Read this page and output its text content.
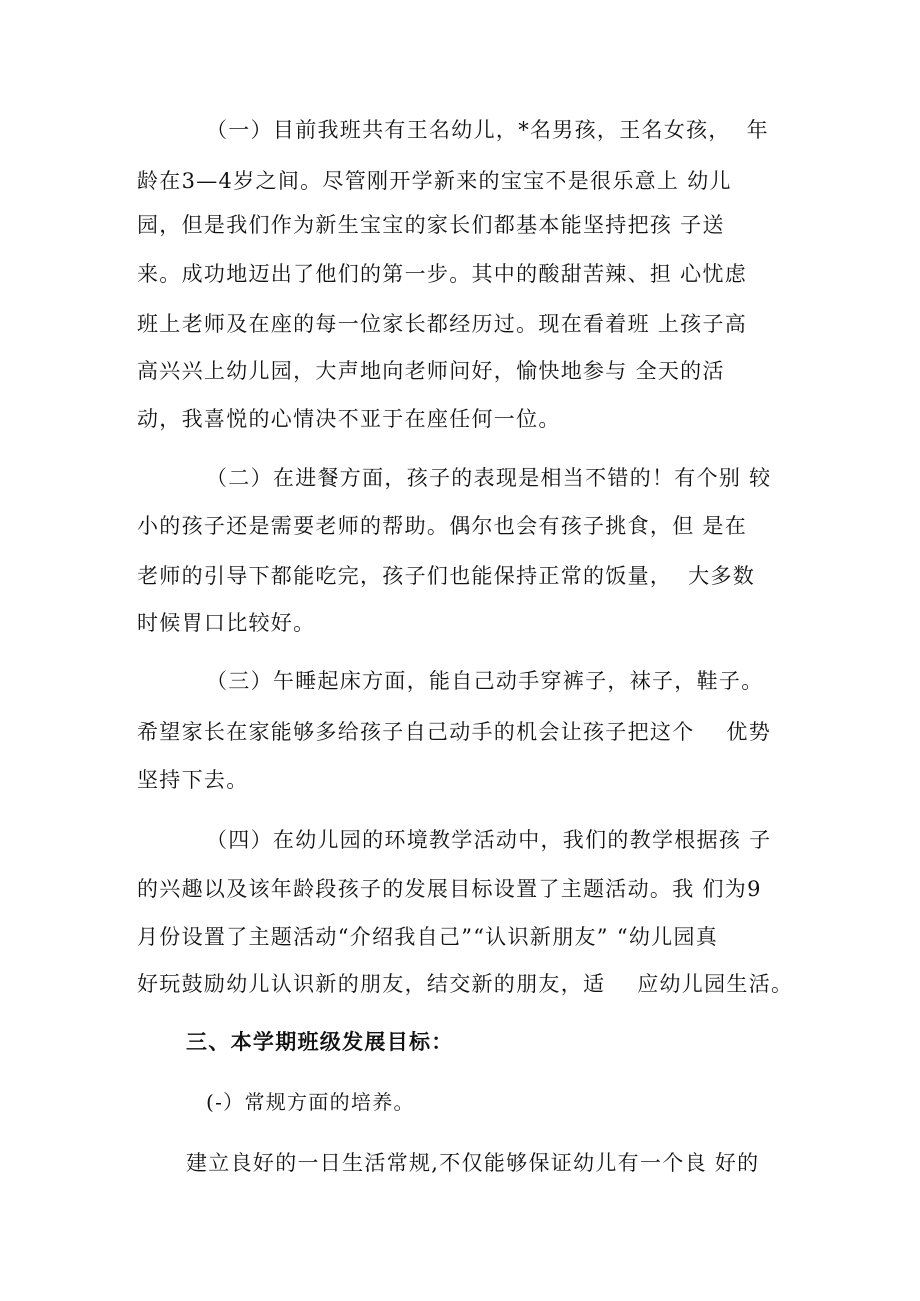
（一）目前我班共有王名幼儿，*名男孩，王名女孩，  年
龄在3—4岁之间。尽管刚开学新来的宝宝不是很乐意上 幼儿
园，但是我们作为新生宝宝的家长们都基本能坚持把孩 子送
来。成功地迈出了他们的第一步。其中的酸甜苦辣、担 心忧虑
班上老师及在座的每一位家长都经历过。现在看着班 上孩子高
高兴兴上幼儿园，大声地向老师问好，愉快地参与 全天的活
动，我喜悦的心情决不亚于在座任何一位。
（二）在进餐方面，孩子的表现是相当不错的！有个别 较
小的孩子还是需要老师的帮助。偶尔也会有孩子挑食，但 是在
老师的引导下都能吃完，孩子们也能保持正常的饭量，  大多数
时候胃口比较好。
（三）午睡起床方面，能自己动手穿裤子，袜子，鞋子。
希望家长在家能够多给孩子自己动手的机会让孩子把这个    优势
坚持下去。
（四）在幼儿园的环境教学活动中，我们的教学根据孩 子
的兴趣以及该年龄段孩子的发展目标设置了主题活动。我 们为9
月份设置了主题活动“介绍我自己”“认识新朋友” “幼儿园真
好玩鼓励幼儿认识新的朋友，结交新的朋友，适    应幼儿园生活。
三、本学期班级发展目标：
(-）常规方面的培养。
建立良好的一日生活常规,不仅能够保证幼儿有一个良 好的
